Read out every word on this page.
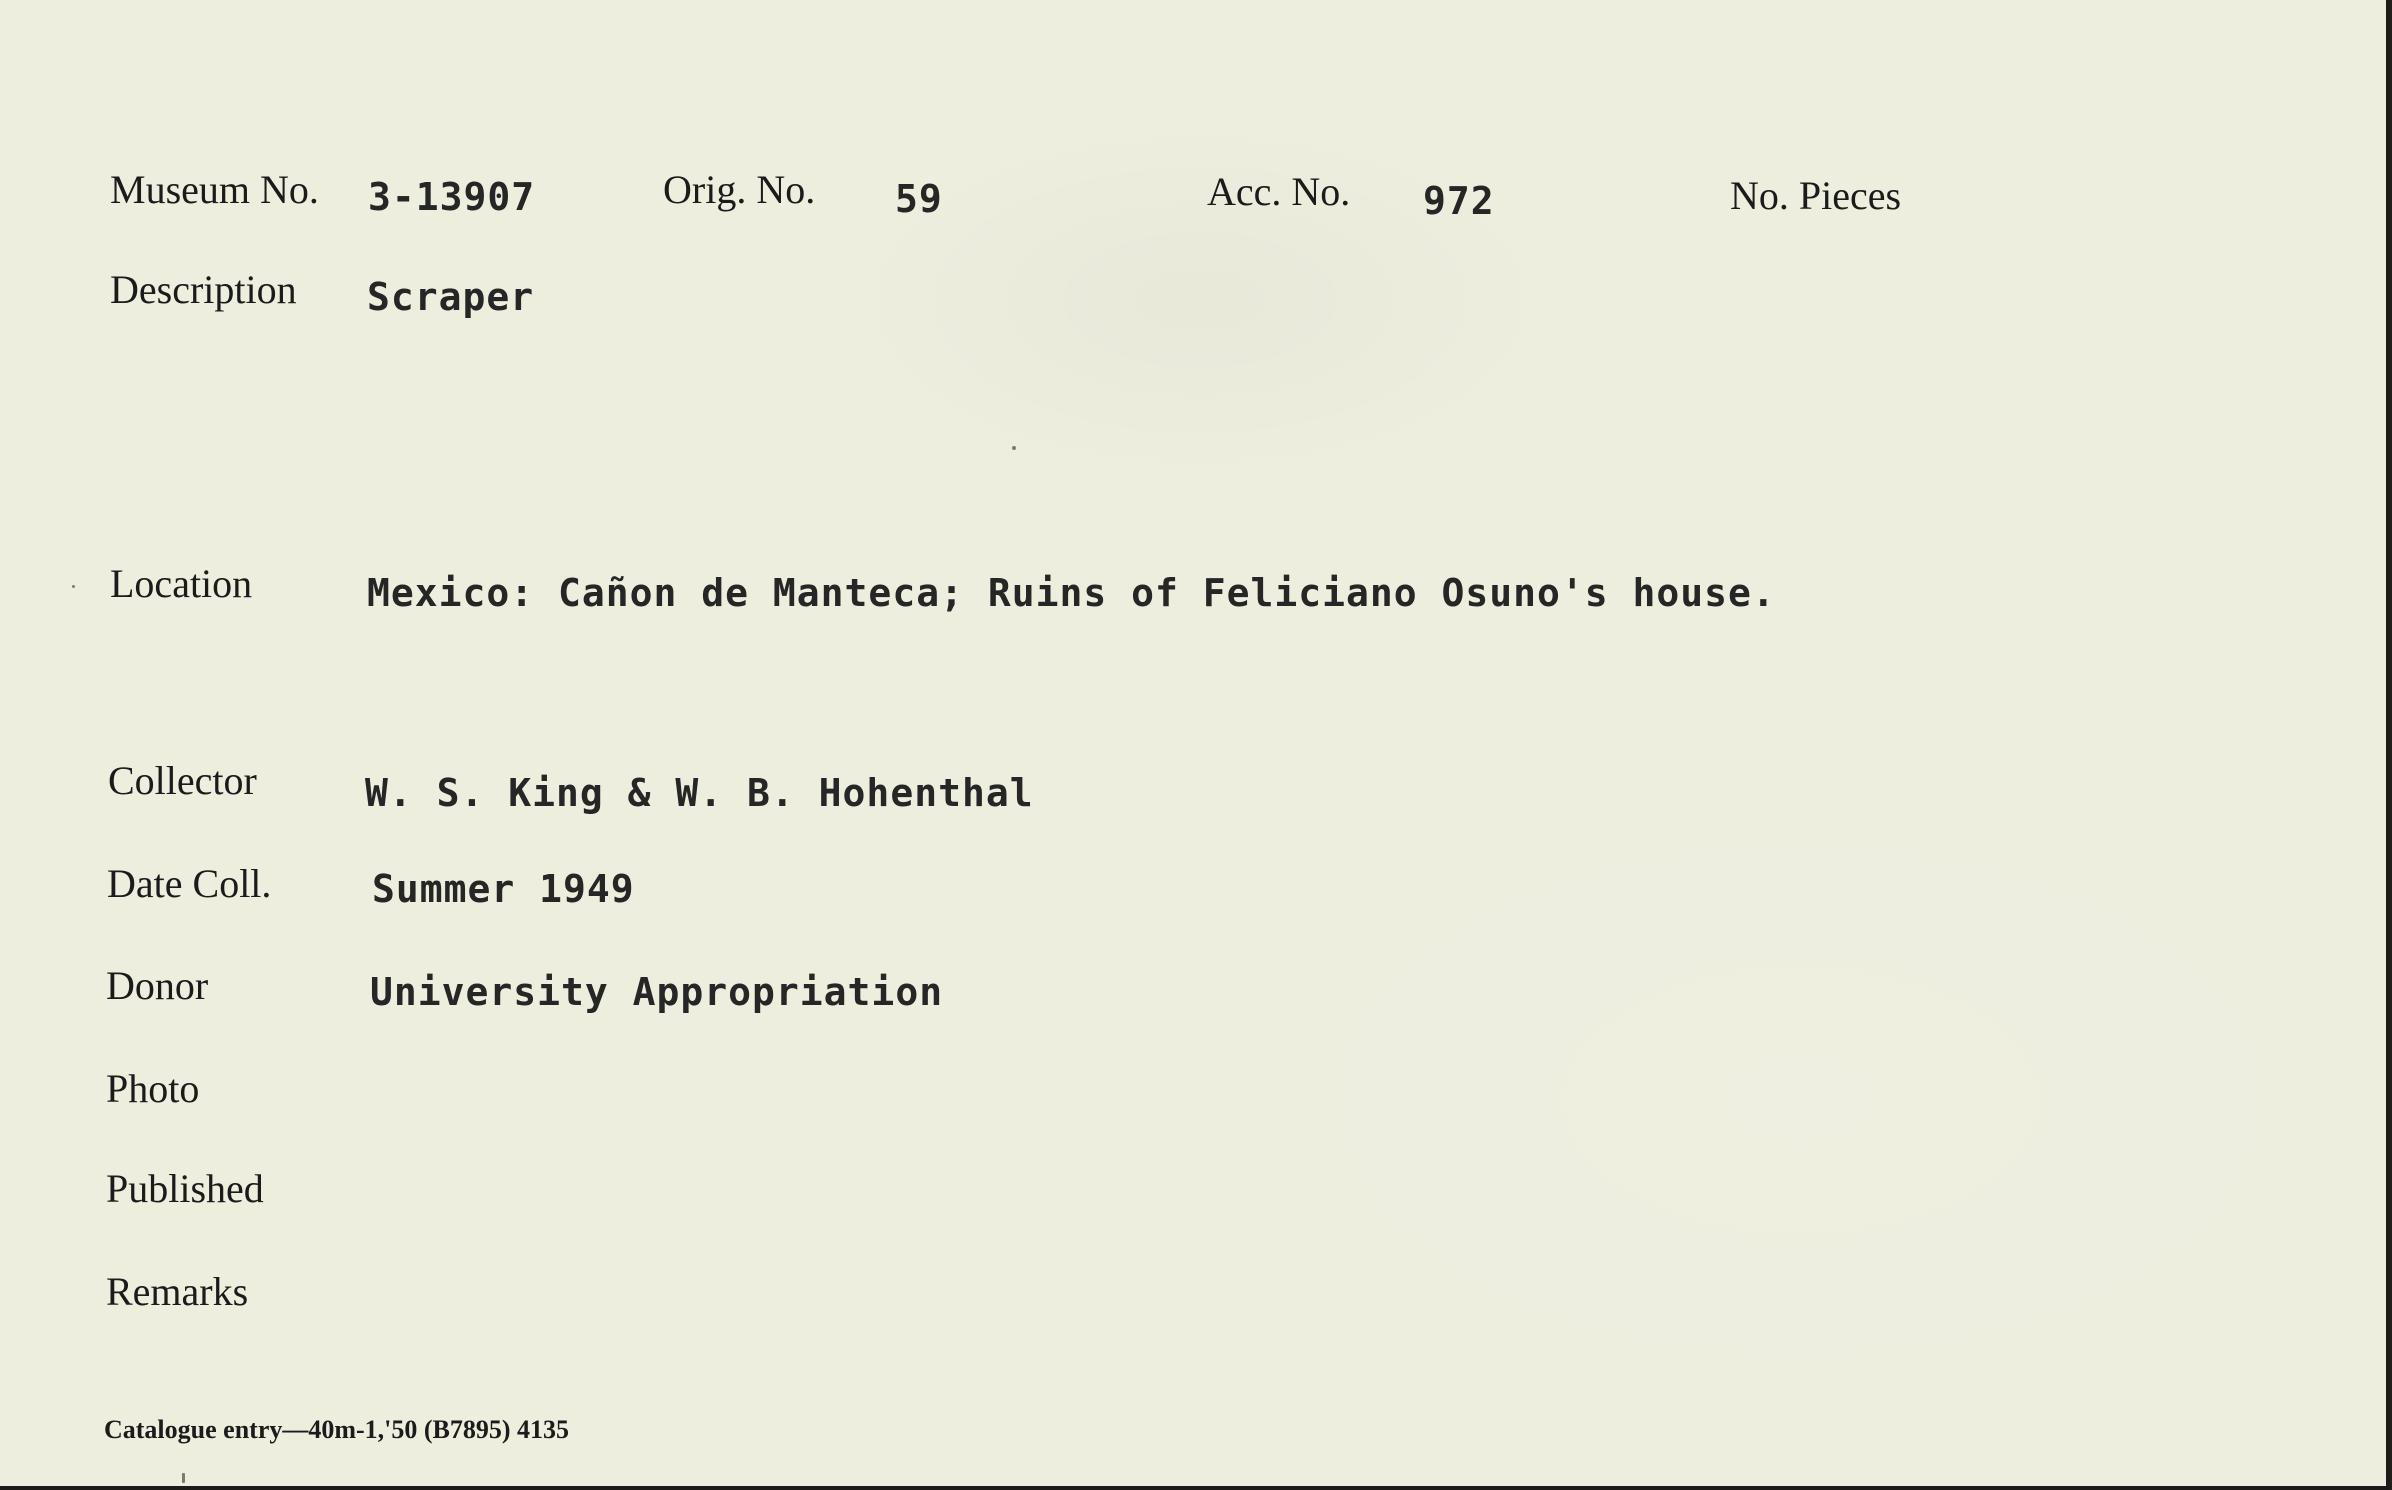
Museum No. 3-13907	Orig. No. 59	Acc. No. 972	No. Pieces
Description Scraper
Location	Mexico: Cañon de Manteca; Ruins of Feliciano Osuno's house.
Collector	W. S. King & W. B. Hohenthal
Date Coll.	Summer 1949
Donor	University Appropriation
Photo
Published
Remarks
Catalogue entry—40m-1,'50 (B7895) 4135
